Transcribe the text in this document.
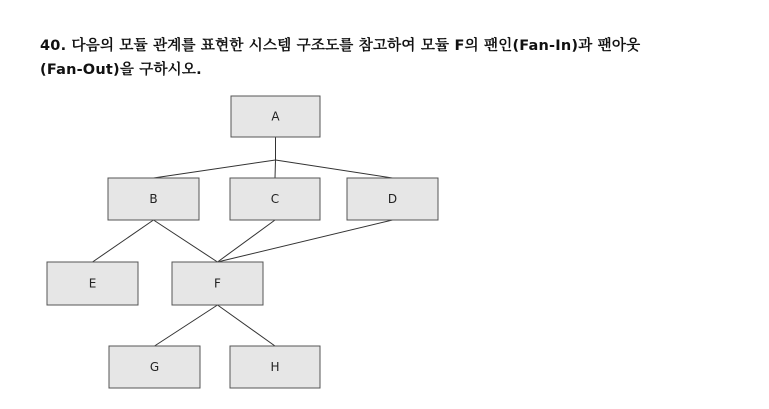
40. 다음의 모듈 관계를 표현한 시스템 구조도를 참고하여 모듈 F의 팬인(Fan-In)과 팬아웃
(Fan-Out)을 구하시오.
A
B	C	D
E	F
G	H
